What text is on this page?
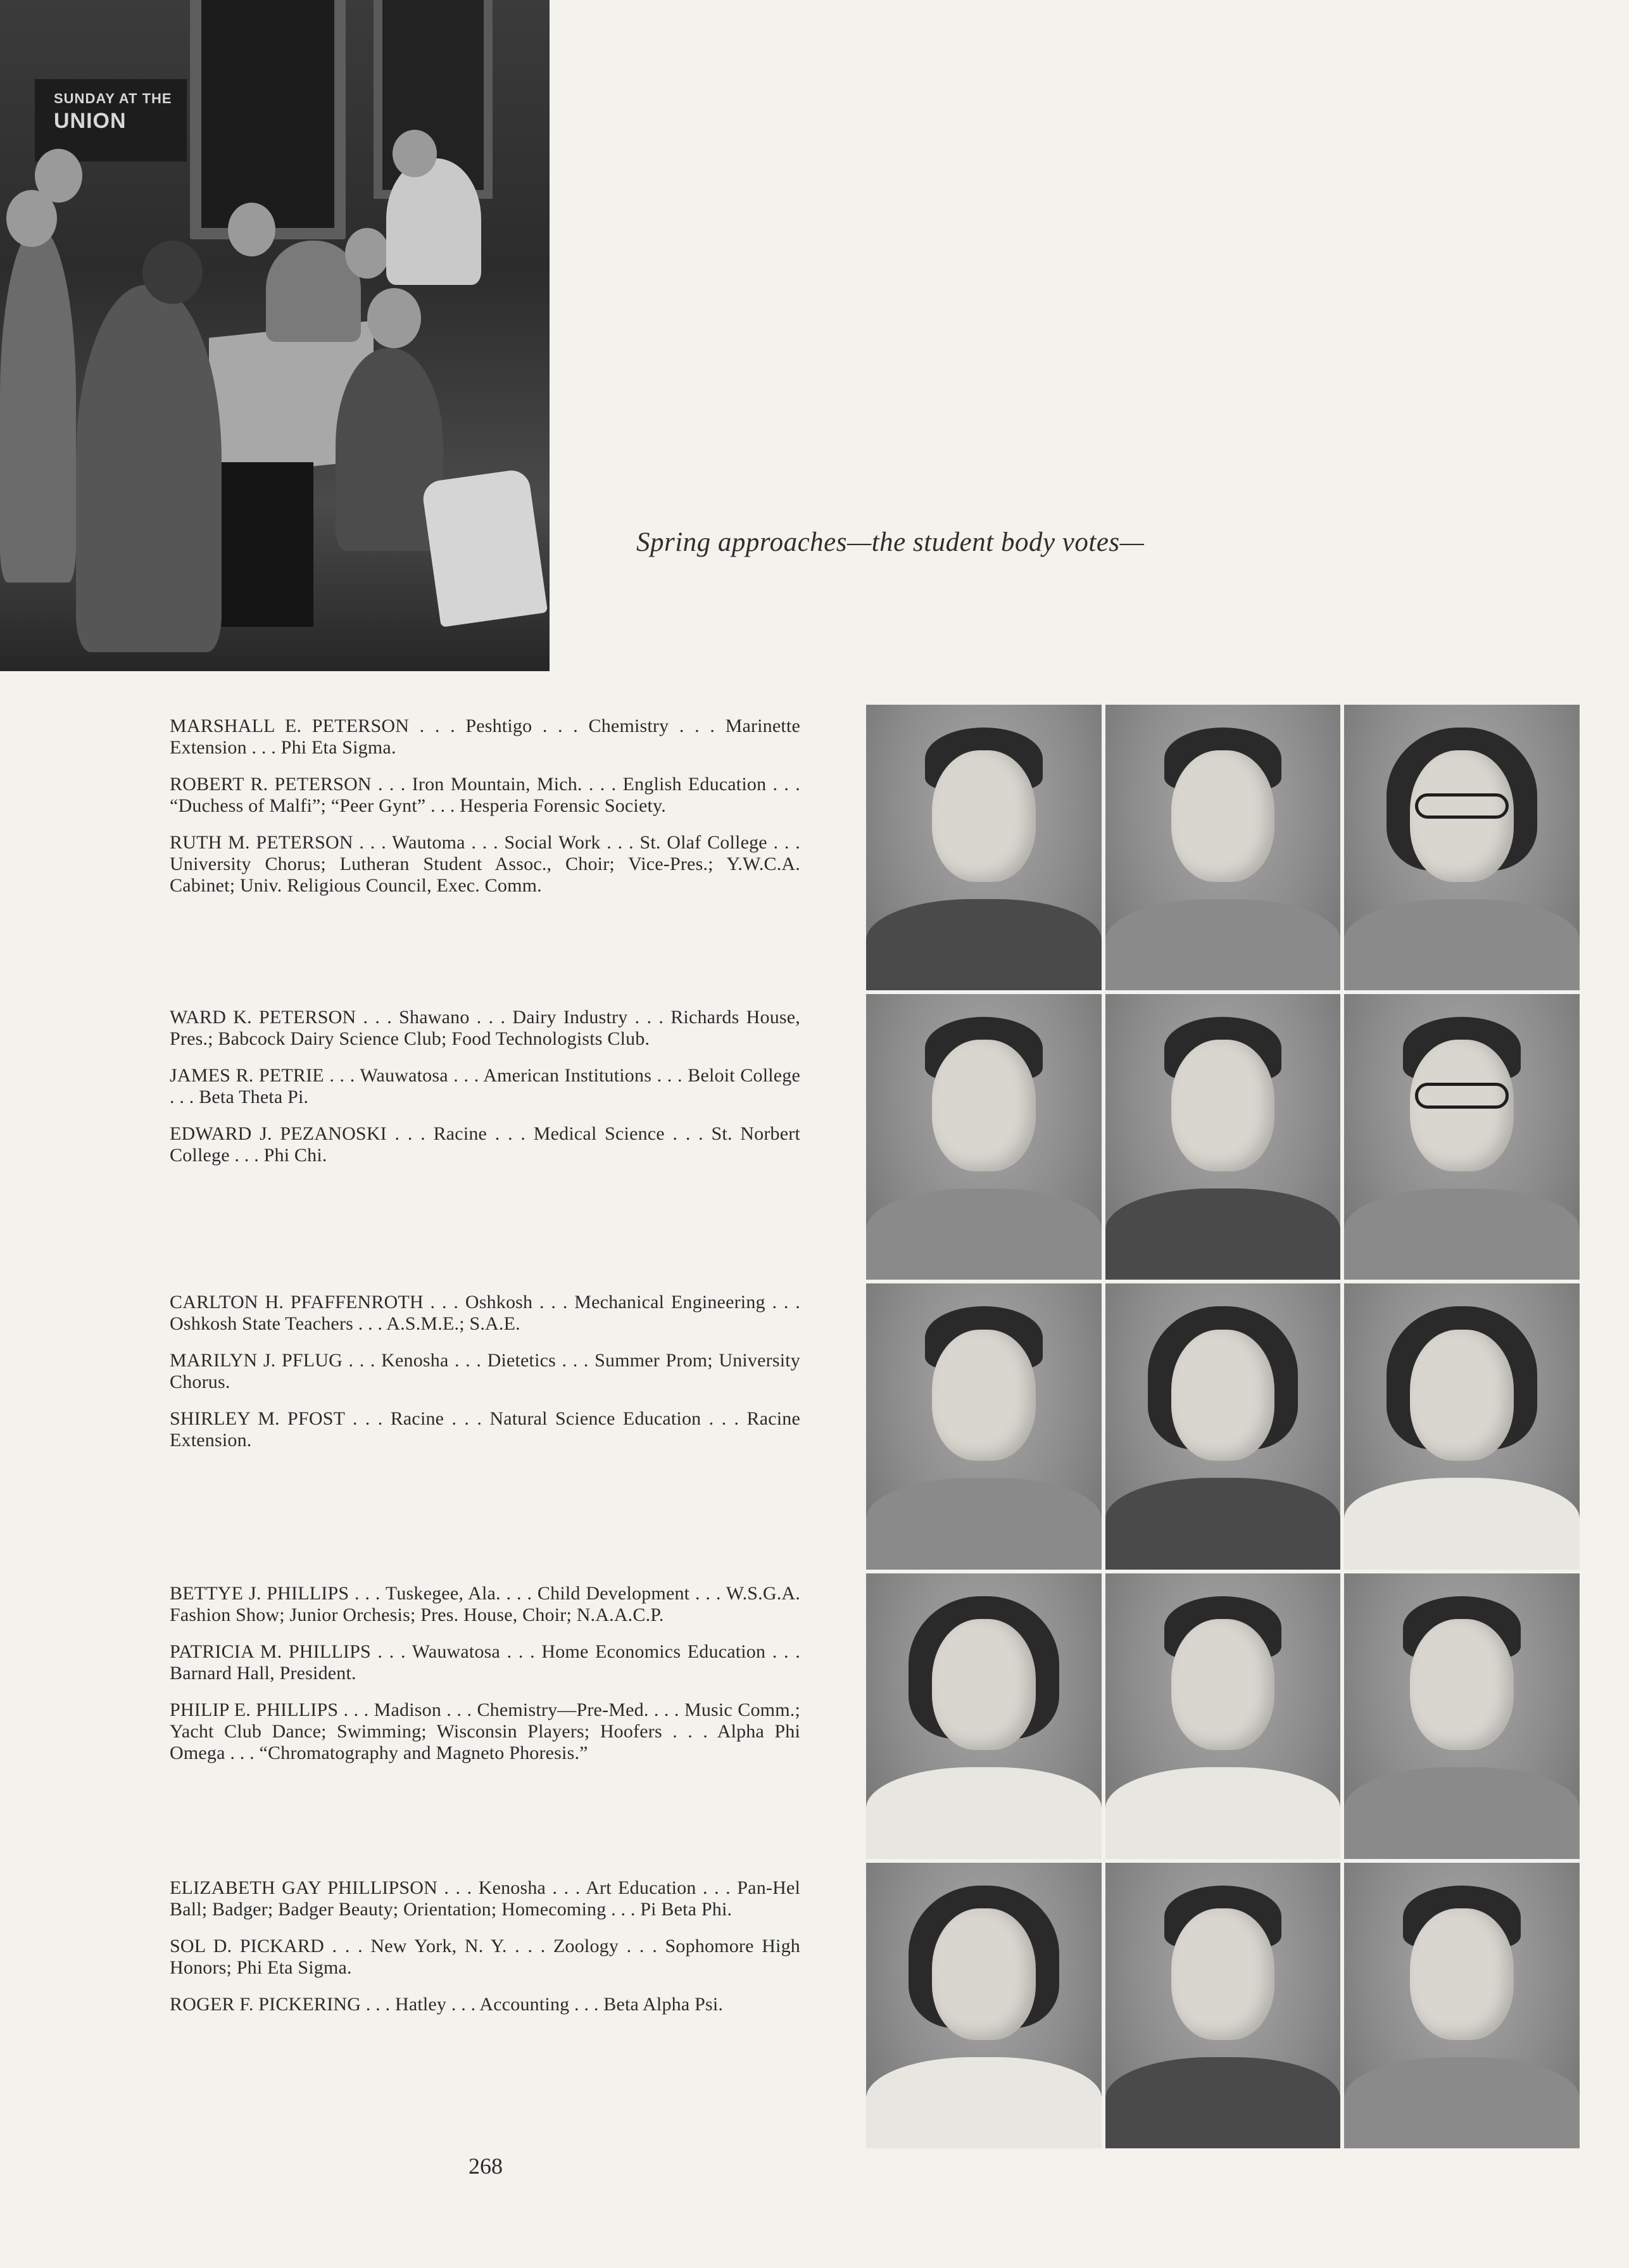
SUNDAY AT THE
UNION
Spring approaches—the student body votes—

MARSHALL E. PETERSON . . . Peshtigo . . . Chemistry . . . Marinette Extension . . . Phi Eta Sigma.

ROBERT R. PETERSON . . . Iron Mountain, Mich. . . . English Education . . . “Duchess of Malfi”; “Peer Gynt” . . . Hesperia Forensic Society.

RUTH M. PETERSON . . . Wautoma . . . Social Work . . . St. Olaf College . . . University Chorus; Lutheran Student Assoc., Choir; Vice-Pres.; Y.W.C.A. Cabinet; Univ. Religious Council, Exec. Comm.

WARD K. PETERSON . . . Shawano . . . Dairy Industry . . . Richards House, Pres.; Babcock Dairy Science Club; Food Technologists Club.

JAMES R. PETRIE . . . Wauwatosa . . . American Institutions . . . Beloit College . . . Beta Theta Pi.

EDWARD J. PEZANOSKI . . . Racine . . . Medical Science . . . St. Norbert College . . . Phi Chi.

CARLTON H. PFAFFENROTH . . . Oshkosh . . . Mechanical Engineering . . . Oshkosh State Teachers . . . A.S.M.E.; S.A.E.

MARILYN J. PFLUG . . . Kenosha . . . Dietetics . . . Summer Prom; University Chorus.

SHIRLEY M. PFOST . . . Racine . . . Natural Science Education . . . Racine Extension.

BETTYE J. PHILLIPS . . . Tuskegee, Ala. . . . Child Development . . . W.S.G.A. Fashion Show; Junior Orchesis; Pres. House, Choir; N.A.A.C.P.

PATRICIA M. PHILLIPS . . . Wauwatosa . . . Home Economics Education . . . Barnard Hall, President.

PHILIP E. PHILLIPS . . . Madison . . . Chemistry—Pre-Med. . . . Music Comm.; Yacht Club Dance; Swimming; Wisconsin Players; Hoofers . . . Alpha Phi Omega . . . “Chromatography and Magneto Phoresis.”

ELIZABETH GAY PHILLIPSON . . . Kenosha . . . Art Education . . . Pan-Hel Ball; Badger; Badger Beauty; Orientation; Homecoming . . . Pi Beta Phi.

SOL D. PICKARD . . . New York, N. Y. . . . Zoology . . . Sophomore High Honors; Phi Eta Sigma.

ROGER F. PICKERING . . . Hatley . . . Accounting . . . Beta Alpha Psi.

268
